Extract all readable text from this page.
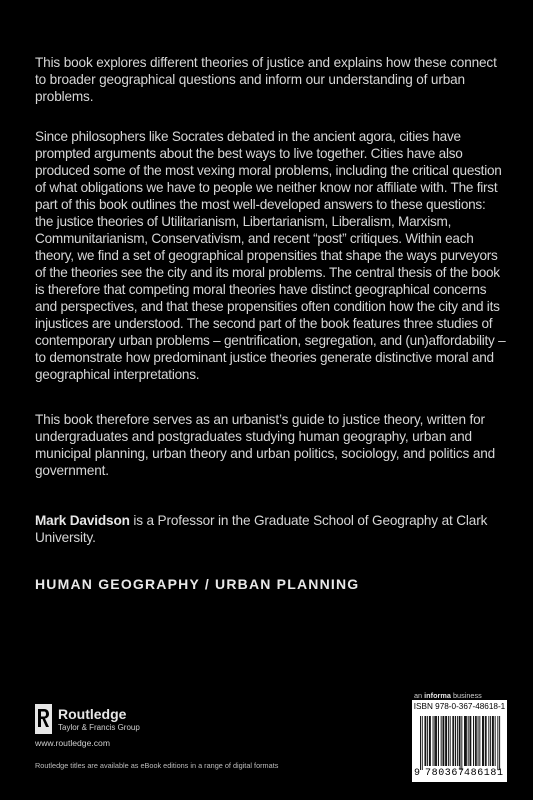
This book explores different theories of justice and explains how these connect to broader geographical questions and inform our understanding of urban problems.

Since philosophers like Socrates debated in the ancient agora, cities have prompted arguments about the best ways to live together. Cities have also produced some of the most vexing moral problems, including the critical question of what obligations we have to people we neither know nor affiliate with. The first part of this book outlines the most well-developed answers to these questions: the justice theories of Utilitarianism, Libertarianism, Liberalism, Marxism, Communitarianism, Conservativism, and recent “post” critiques. Within each theory, we find a set of geographical propensities that shape the ways purveyors of the theories see the city and its moral problems. The central thesis of the book is therefore that competing moral theories have distinct geographical concerns and perspectives, and that these propensities often condition how the city and its injustices are understood. The second part of the book features three studies of contemporary urban problems – gentrification, segregation, and (un)affordability – to demonstrate how predominant justice theories generate distinctive moral and geographical interpretations.

This book therefore serves as an urbanist’s guide to justice theory, written for undergraduates and postgraduates studying human geography, urban and municipal planning, urban theory and urban politics, sociology, and politics and government.

Mark Davidson is a Professor in the Graduate School of Geography at Clark University.

HUMAN GEOGRAPHY / URBAN PLANNING
Routledge
Taylor & Francis Group
www.routledge.com
Routledge titles are available as eBook editions in a range of digital formats
an informa business
ISBN 978-0-367-48618-1
9 780367 486181
